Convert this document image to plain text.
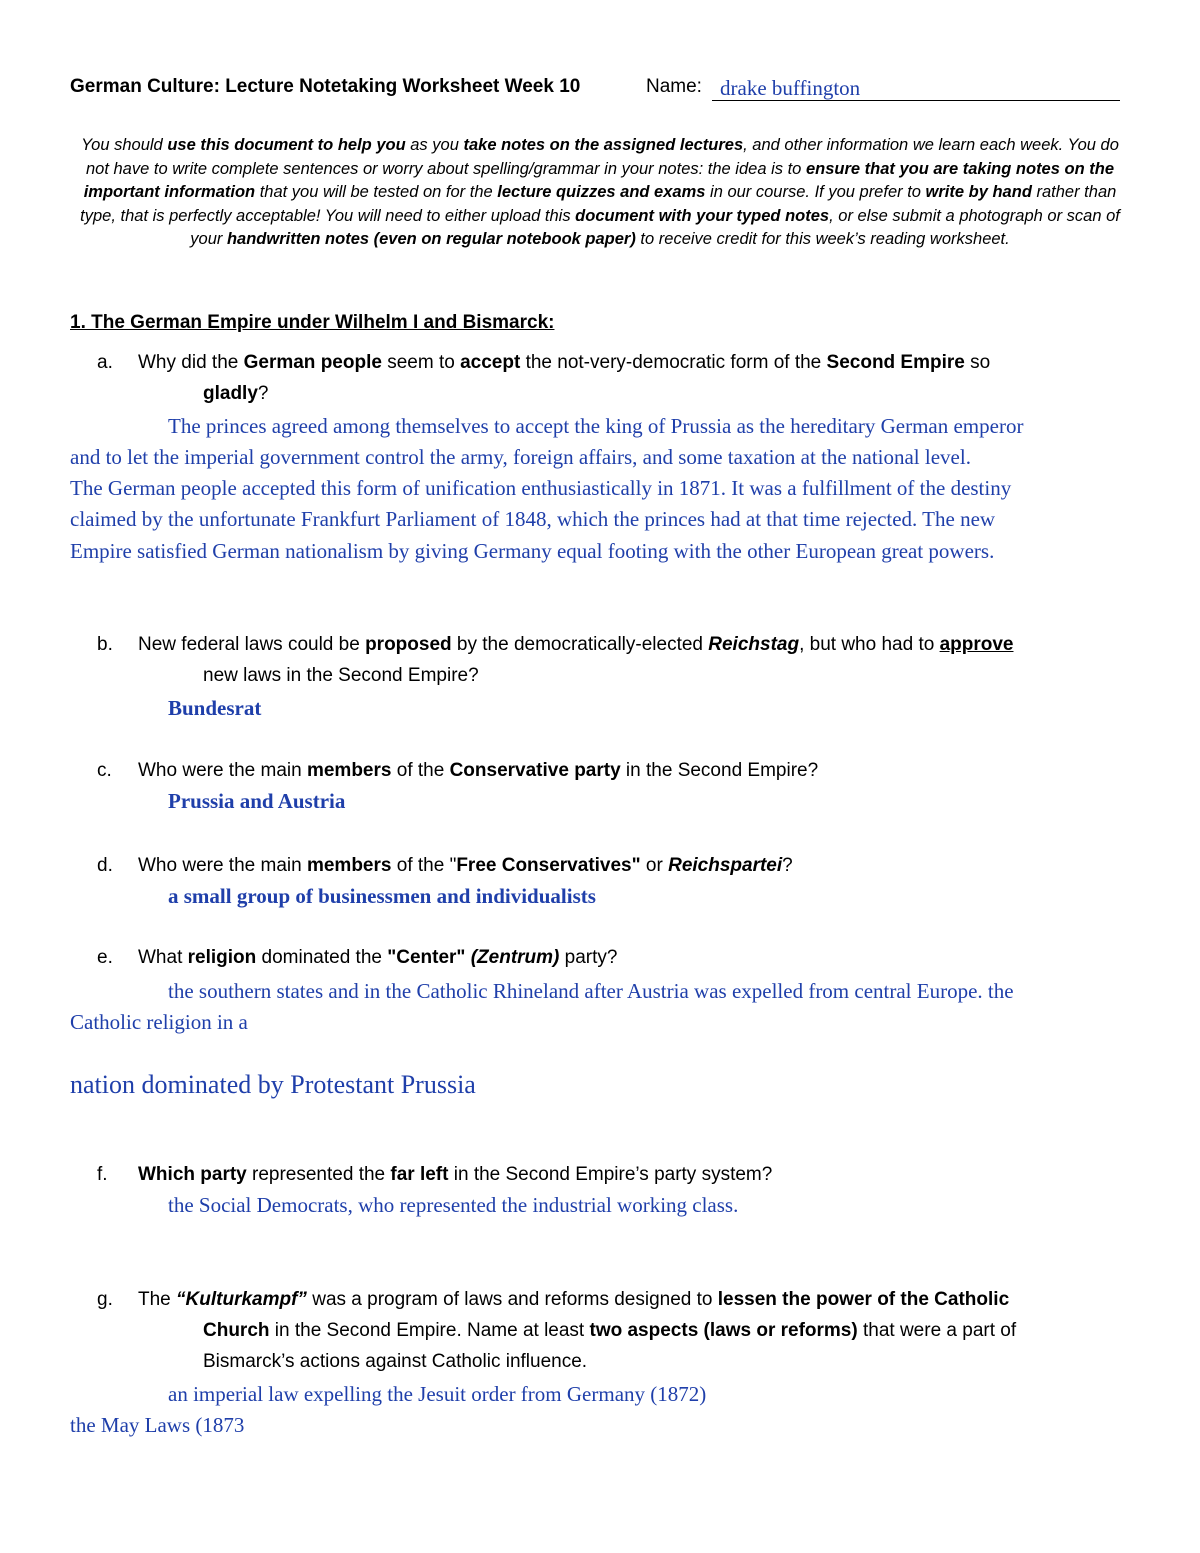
German Culture: Lecture Notetaking Worksheet Week 10	Name: drake buffington
You should use this document to help you as you take notes on the assigned lectures, and other information we learn each week. You do not have to write complete sentences or worry about spelling/grammar in your notes: the idea is to ensure that you are taking notes on the important information that you will be tested on for the lecture quizzes and exams in our course. If you prefer to write by hand rather than type, that is perfectly acceptable! You will need to either upload this document with your typed notes, or else submit a photograph or scan of your handwritten notes (even on regular notebook paper) to receive credit for this week’s reading worksheet.
1. The German Empire under Wilhelm I and Bismarck:
a. Why did the German people seem to accept the not-very-democratic form of the Second Empire so
gladly?
The princes agreed among themselves to accept the king of Prussia as the hereditary German emperor
and to let the imperial government control the army, foreign affairs, and some taxation at the national level.
The German people accepted this form of unification enthusiastically in 1871. It was a fulfillment of the destiny
claimed by the unfortunate Frankfurt Parliament of 1848, which the princes had at that time rejected. The new
Empire satisfied German nationalism by giving Germany equal footing with the other European great powers.
b. New federal laws could be proposed by the democratically-elected Reichstag, but who had to approve
new laws in the Second Empire?
Bundesrat
c. Who were the main members of the Conservative party in the Second Empire?
Prussia and Austria
d. Who were the main members of the "Free Conservatives" or Reichspartei?
a small group of businessmen and individualists
e. What religion dominated the "Center" (Zentrum) party?
the southern states and in the Catholic Rhineland after Austria was expelled from central Europe. the
Catholic religion in a
nation dominated by Protestant Prussia
f. Which party represented the far left in the Second Empire’s party system?
the Social Democrats, who represented the industrial working class.
g. The “Kulturkampf” was a program of laws and reforms designed to lessen the power of the Catholic
Church in the Second Empire. Name at least two aspects (laws or reforms) that were a part of
Bismarck’s actions against Catholic influence.
an imperial law expelling the Jesuit order from Germany (1872)
the May Laws (1873
